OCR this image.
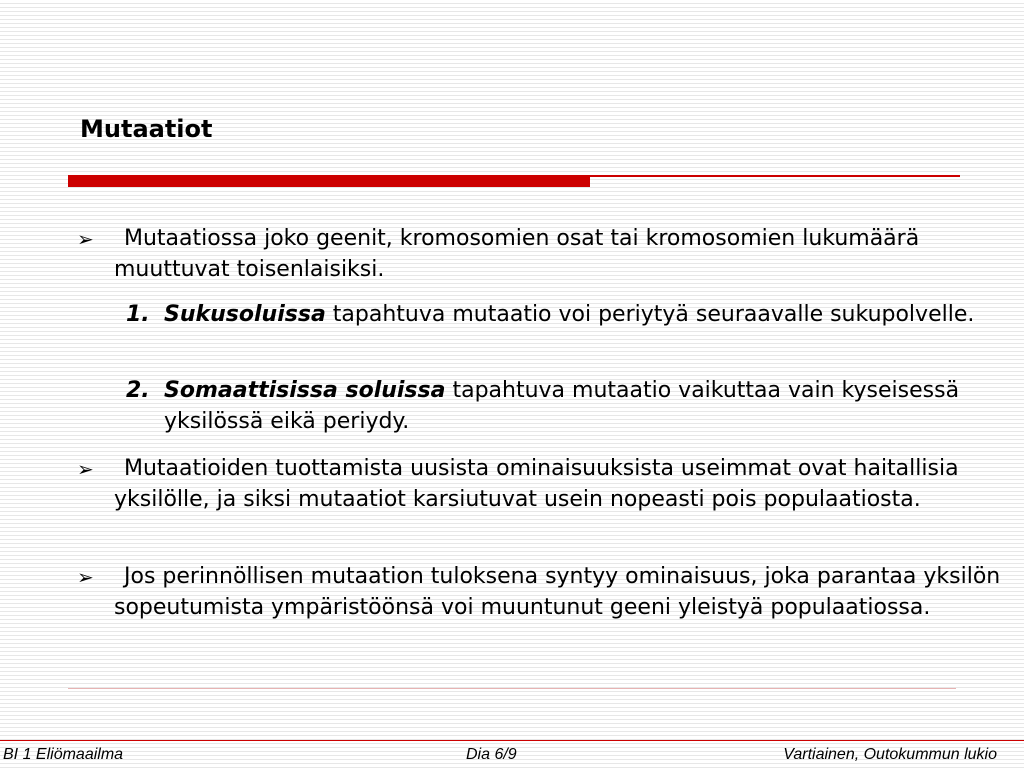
Mutaatiot
➢	Mutaatiossa joko geenit, kromosomien osat tai kromosomien lukumäärä muuttuvat toisenlaisiksi.

1. Sukusoluissa tapahtuva mutaatio voi periytyä seuraavalle sukupolvelle.
2. Somaattisissa soluissa tapahtuva mutaatio vaikuttaa vain kyseisessä yksilössä eikä periydy.
➢	Mutaatioiden tuottamista uusista ominaisuuksista useimmat ovat haitallisia yksilölle, ja siksi mutaatiot karsiutuvat usein nopeasti pois populaatiosta.

➢	Jos perinnöllisen mutaation tuloksena syntyy ominaisuus, joka parantaa yksilön sopeutumista ympäristöönsä voi muuntunut geeni yleistyä populaatiossa.

BI 1 Eliömaailma	Dia 6/9	Vartiainen, Outokummun lukio
